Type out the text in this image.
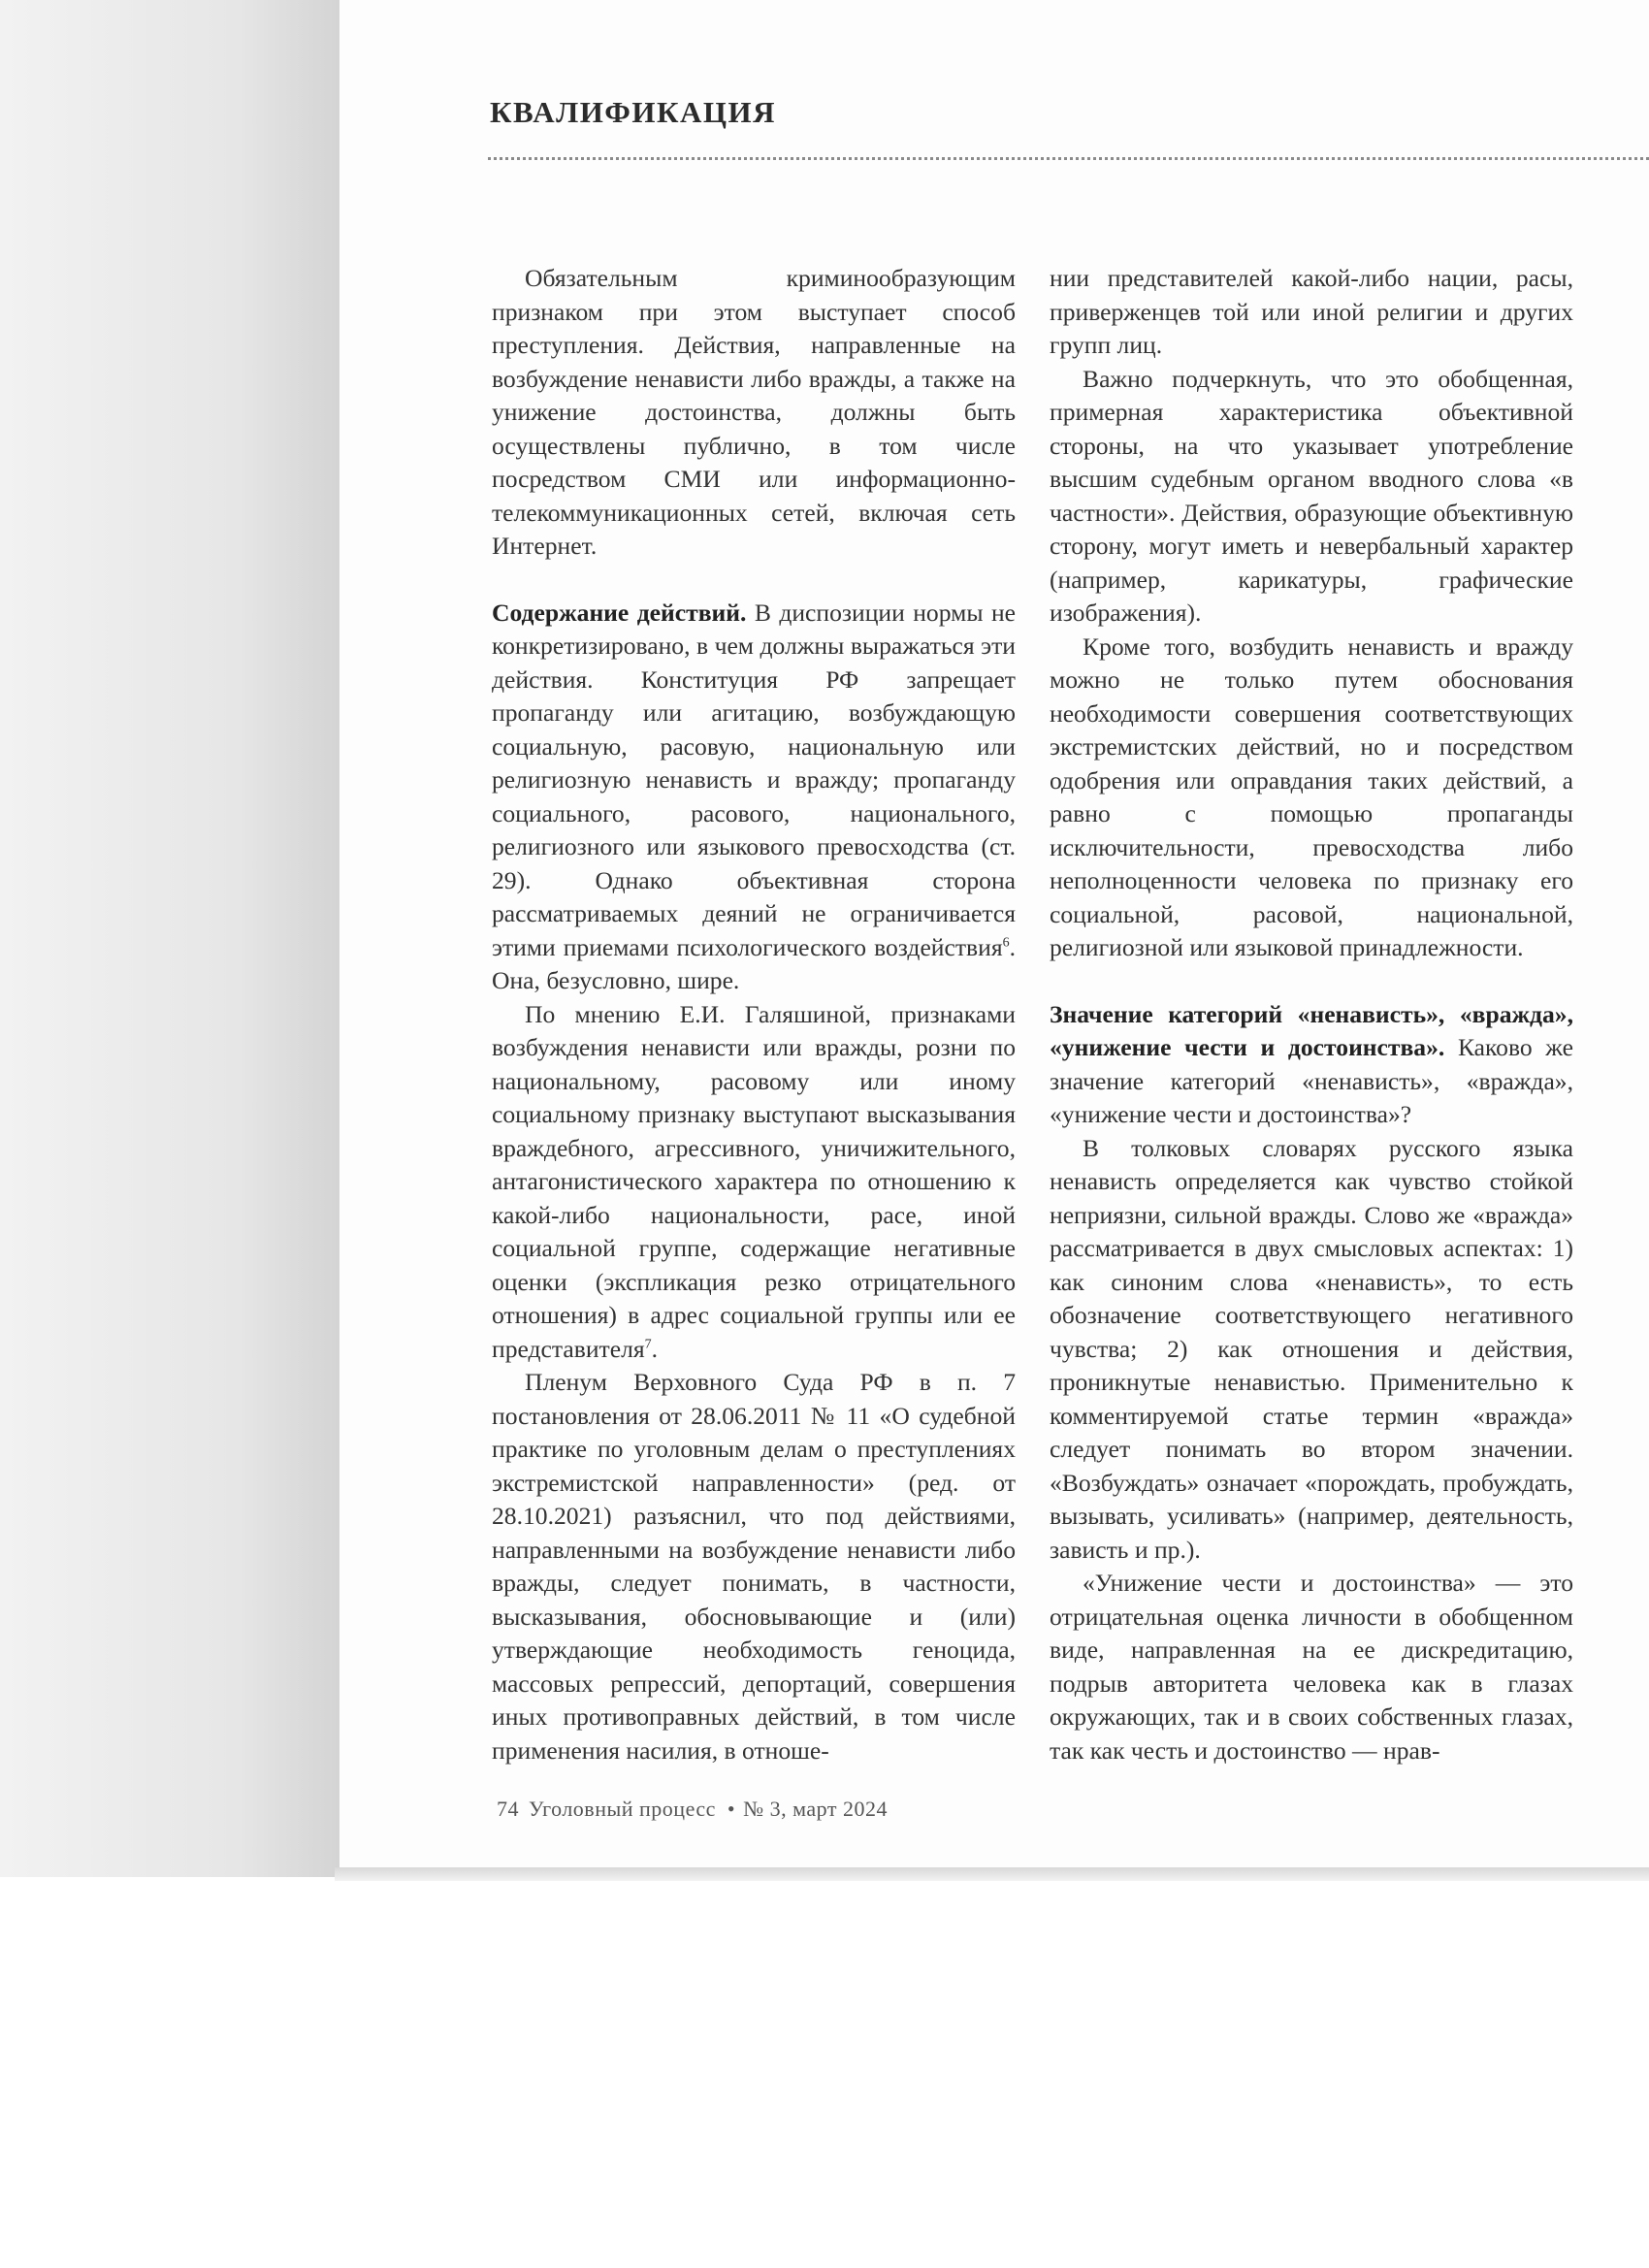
КВАЛИФИКАЦИЯ

Обязательным криминообразующим признаком при этом выступает способ преступления. Действия, направленные на возбуждение ненависти либо вражды, а также на унижение достоинства, должны быть осуществлены публично, в том числе посредством СМИ или информационно-телекоммуникационных сетей, включая сеть Интернет.

Содержание действий. В диспозиции нормы не конкретизировано, в чем должны выражаться эти действия. Конституция РФ запрещает пропаганду или агитацию, возбуждающую социальную, расовую, национальную или религиозную ненависть и вражду; пропаганду социального, расового, национального, религиозного или языкового превосходства (ст. 29). Однако объективная сторона рассматриваемых деяний не ограничивается этими приемами психологического воздействия$^6$. Она, безусловно, шире.

По мнению Е.И. Галяшиной, признаками возбуждения ненависти или вражды, розни по национальному, расовому или иному социальному признаку выступают высказывания враждебного, агрессивного, уничижительного, антагонистического характера по отношению к какой-либо национальности, расе, иной социальной группе, содержащие негативные оценки (экспликация резко отрицательного отношения) в адрес социальной группы или ее представителя$^7$.

Пленум Верховного Суда РФ в п. 7 постановления от 28.06.2011 № 11 «О судебной практике по уголовным делам о преступлениях экстремистской направленности» (ред. от 28.10.2021) разъяснил, что под действиями, направленными на возбуждение ненависти либо вражды, следует понимать, в частности, высказывания, обосновывающие и (или) утверждающие необходимость геноцида, массовых репрессий, депортаций, совершения иных противоправных действий, в том числе применения насилия, в отноше-

нии представителей какой-либо нации, расы, приверженцев той или иной религии и других групп лиц.

Важно подчеркнуть, что это обобщенная, примерная характеристика объективной стороны, на что указывает употребление высшим судебным органом вводного слова «в частности». Действия, образующие объективную сторону, могут иметь и невербальный характер (например, карикатуры, графические изображения).

Кроме того, возбудить ненависть и вражду можно не только путем обоснования необходимости совершения соответствующих экстремистских действий, но и посредством одобрения или оправдания таких действий, а равно с помощью пропаганды исключительности, превосходства либо неполноценности человека по признаку его социальной, расовой, национальной, религиозной или языковой принадлежности.

Значение категорий «ненависть», «вражда», «унижение чести и достоинства». Каково же значение категорий «ненависть», «вражда», «унижение чести и достоинства»?

В толковых словарях русского языка ненависть определяется как чувство стойкой неприязни, сильной вражды. Слово же «вражда» рассматривается в двух смысловых аспектах: 1) как синоним слова «ненависть», то есть обозначение соответствующего негативного чувства; 2) как отношения и действия, проникнутые ненавистью. Применительно к комментируемой статье термин «вражда» следует понимать во втором значении. «Возбуждать» означает «порождать, пробуждать, вызывать, усиливать» (например, деятельность, зависть и пр.).

«Унижение чести и достоинства» — это отрицательная оценка личности в обобщенном виде, направленная на ее дискредитацию, подрыв авторитета человека как в глазах окружающих, так и в своих собственных глазах, так как честь и достоинство — нрав-

74 Уголовный процесс • № 3, март 2024
